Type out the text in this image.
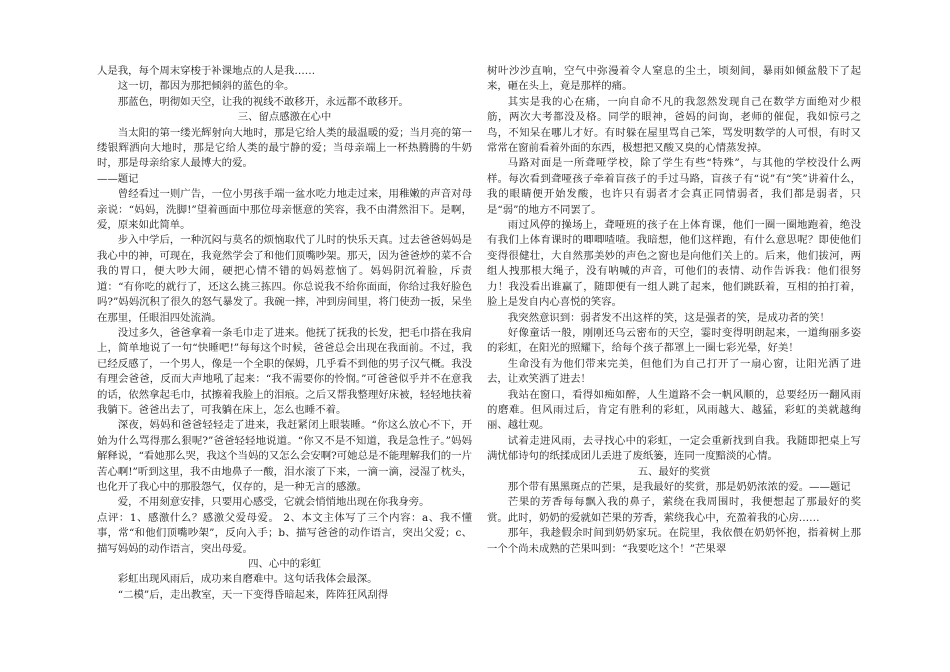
人是我，每个周末穿梭于补课地点的人是我……

这一切，都因为那把倾斜的蓝色的伞。

那蓝色，明彻如天空，让我的视线不敢移开，永远都不敢移开。

三、留点感激在心中

当太阳的第一缕光辉射向大地时，那是它给人类的最温暖的爱；当月亮的第一缕银辉洒向大地时，那是它给人类的最宁静的爱；当母亲端上一杯热腾腾的牛奶时，那是母亲给家人最博大的爱。

——题记

曾经看过一则广告，一位小男孩手端一盆水吃力地走过来，用稚嫩的声音对母亲说：“妈妈，洗脚!”望着画面中那位母亲惬意的笑容，我不由潸然泪下。是啊，爱，原来如此简单。

步入中学后，一种沉闷与莫名的烦恼取代了儿时的快乐天真。过去爸爸妈妈是我心中的神，可现在，我竟然学会了和他们顶嘴吵架。那天，因为爸爸炒的菜不合我的胃口，便大吵大闹，硬把心情不错的妈妈惹恼了。妈妈阴沉着脸，斥责道：“有你吃的就行了，还这么挑三拣四。你总说我不给你面面，你给过我好脸色吗?”妈妈沉积了很久的怒气暴发了。我碗一摔，冲到房间里，将门使劲一扳，呆坐在那里，任眼泪四处流淌。

没过多久，爸爸拿着一条毛巾走了进来。他抚了抚我的长发，把毛巾搭在我肩上，简单地说了一句“快睡吧!”每每这个时候，爸爸总会出现在我面前。不过，我已经反感了，一个男人，像是一个全职的保姆，几乎看不到他的男子汉气概。我没有理会爸爸，反而大声地吼了起来：“我不需要你的怜悯。”可爸爸似乎并不在意我的话，依然拿起毛巾，拭擦着我脸上的泪痕。之后又帮我整理好床被，轻轻地扶着我躺下。爸爸出去了，可我躺在床上，怎么也睡不着。

深夜，妈妈和爸爸轻轻走了进来，我赶紧闭上眼装睡。“你这么放心不下，开始为什么骂得那么狠呢?”爸爸轻轻地说道。“你又不是不知道，我是急性子。”妈妈解释说，“看她那么哭，我这个当妈的又怎么会安啊?可她总是不能理解我们的一片苦心啊!”听到这里，我不由地鼻子一酸，泪水滚了下来，一滴一滴，浸湿了枕头，也化开了我心中的那股怨气，仅存的，是一种无言的感激。

爱，不用刻意安排，只要用心感受，它就会悄悄地出现在你我身旁。

点评：1、感激什么？感激父爱母爱。 2、本文主体写了三个内容：a、我不懂事，常“和他们顶嘴吵架”，反向入手；b、描写爸爸的动作语言，突出父爱；c、描写妈妈的动作语言，突出母爱。

四、心中的彩虹

彩虹出现风雨后，成功来自磨难中。这句话我体会最深。

“二模”后，走出教室，天一下变得昏暗起来，阵阵狂风刮得

树叶沙沙直响，空气中弥漫着令人窒息的尘土，顷刻间，暴雨如倾盆般下了起来，砸在头上，竟是那样的痛。

其实是我的心在痛，一向自命不凡的我忽然发现自己在数学方面绝对少根筋，两次大考都没及格。同学的眼神，爸妈的问询，老师的催促，我如惊弓之鸟，不知呆在哪儿才好。有时躲在屋里骂自己笨，骂发明数学的人可恨，有时又常常在窗前看着外面的东西，极想把又酸又臭的心情蒸发掉。

马路对面是一所聋哑学校，除了学生有些“特殊”，与其他的学校没什么两样。每次看到聋哑孩子牵着盲孩子的手过马路，盲孩子有“说”有“笑”讲着什么，我的眼睛便开始发酸，也许只有弱者才会真正同情弱者，我们都是弱者，只是“弱”的地方不同罢了。

雨过风停的操场上，聋哑班的孩子在上体育课，他们一圈一圈地跑着，绝没有我们上体育课时的唧唧喳喳。我暗想，他们这样跑，有什么意思呢？即使他们变得很健壮，大自然那美妙的声色之窗也是向他们关上的。后来，他们拔河，两组人拽那根大绳子，没有呐喊的声音，可他们的表情、动作告诉我：他们很努力！我没看出谁赢了，随即便有一组人跳了起来，他们跳跃着，互相的拍打着，脸上是发自内心喜悦的笑容。

我突然意识到：弱者发不出这样的笑，这是强者的笑，是成功者的笑！

好像童话一般，刚刚还乌云密布的天空，霎时变得明朗起来，一道绚丽多姿的彩虹，在阳光的照耀下，给每个孩子都罩上一圈七彩光晕，好美！

生命没有为他们带来完美，但他们为自己打开了一扇心窗，让阳光洒了进去，让欢笑洒了进去！

我站在窗口，看得如痴如醉，人生道路不会一帆风顺的，总要经历一翻风雨的磨难。但风雨过后，肯定有胜利的彩虹，风雨越大、越猛，彩虹的美就越绚丽、越壮观。

试着走进风雨，去寻找心中的彩虹，一定会重新找到自我。我随即把桌上写满忧郁诗句的纸揉成团儿丢进了废纸篓，连同一度黯淡的心情。

五、最好的奖赏

那个带有黑黑斑点的芒果，是我最好的奖赏，那是奶奶浓浓的爱。——题记

芒果的芳香每每飘入我的鼻子，萦绕在我周围时，我便想起了那最好的奖赏。此时，奶奶的爱就如芒果的芳香，萦绕我心中，充盈着我的心房……

那年，我趁假余时间到奶奶家玩。在院里，我依偎在奶奶怀抱，指着树上那一个个尚未成熟的芒果叫到：“我要吃这个！”芒果翠
